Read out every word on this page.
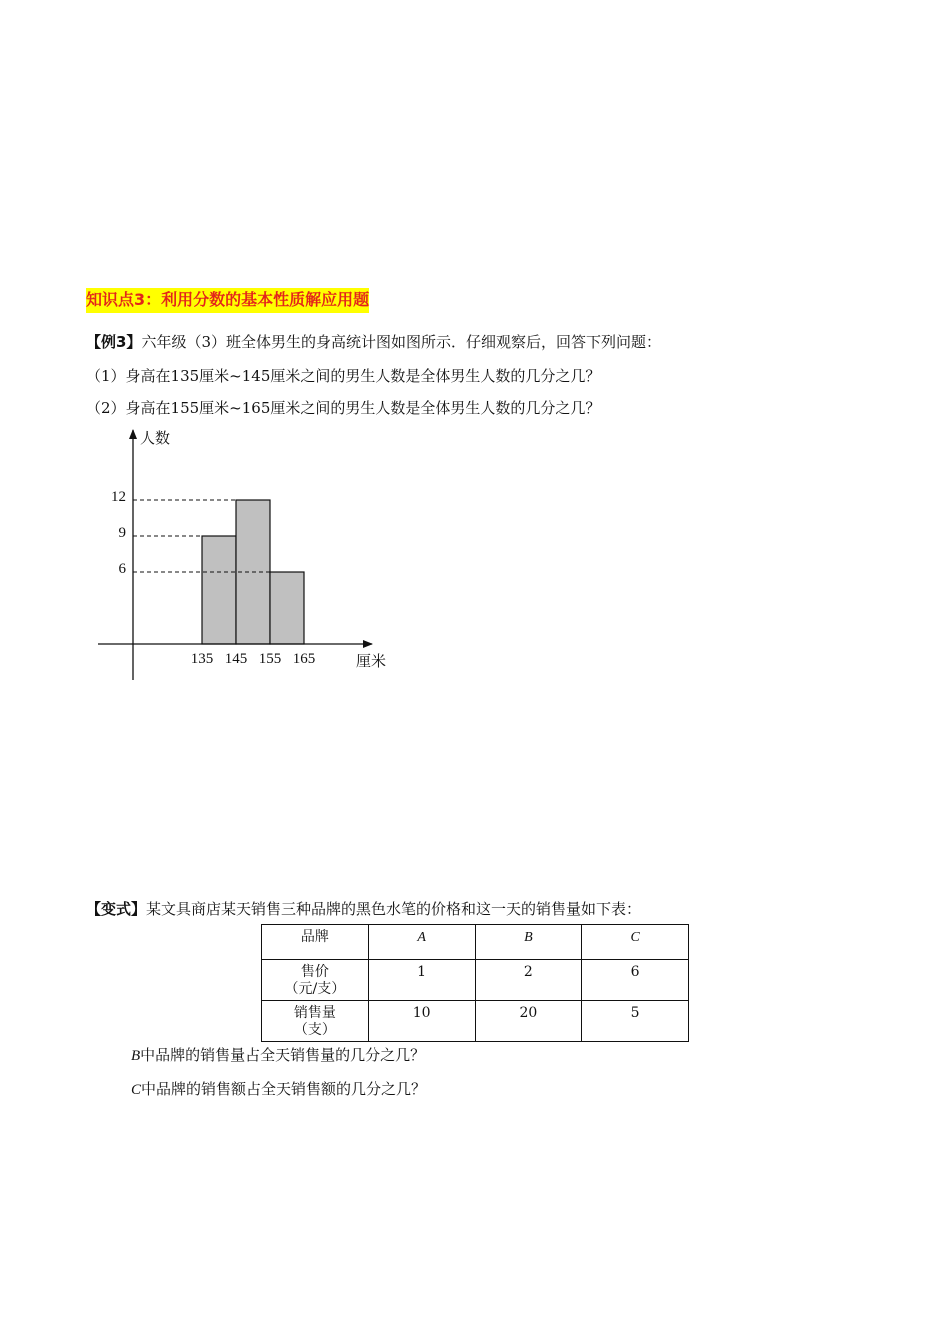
知识点3：利用分数的基本性质解应用题
【例3】六年级（3）班全体男生的身高统计图如图所示．仔细观察后，回答下列问题：
（1）身高在135厘米~145厘米之间的男生人数是全体男生人数的几分之几？
（2）身高在155厘米~165厘米之间的男生人数是全体男生人数的几分之几？
人数
厘米
135 145 155 165
12
9
6
【变式】某文具商店某天销售三种品牌的黑色水笔的价格和这一天的销售量如下表：
品牌	A	B	C

售价
（元/支）	1	2	6

销售量
（支）	10	20	5
B中品牌的销售量占全天销售量的几分之几？
C中品牌的销售额占全天销售额的几分之几？
